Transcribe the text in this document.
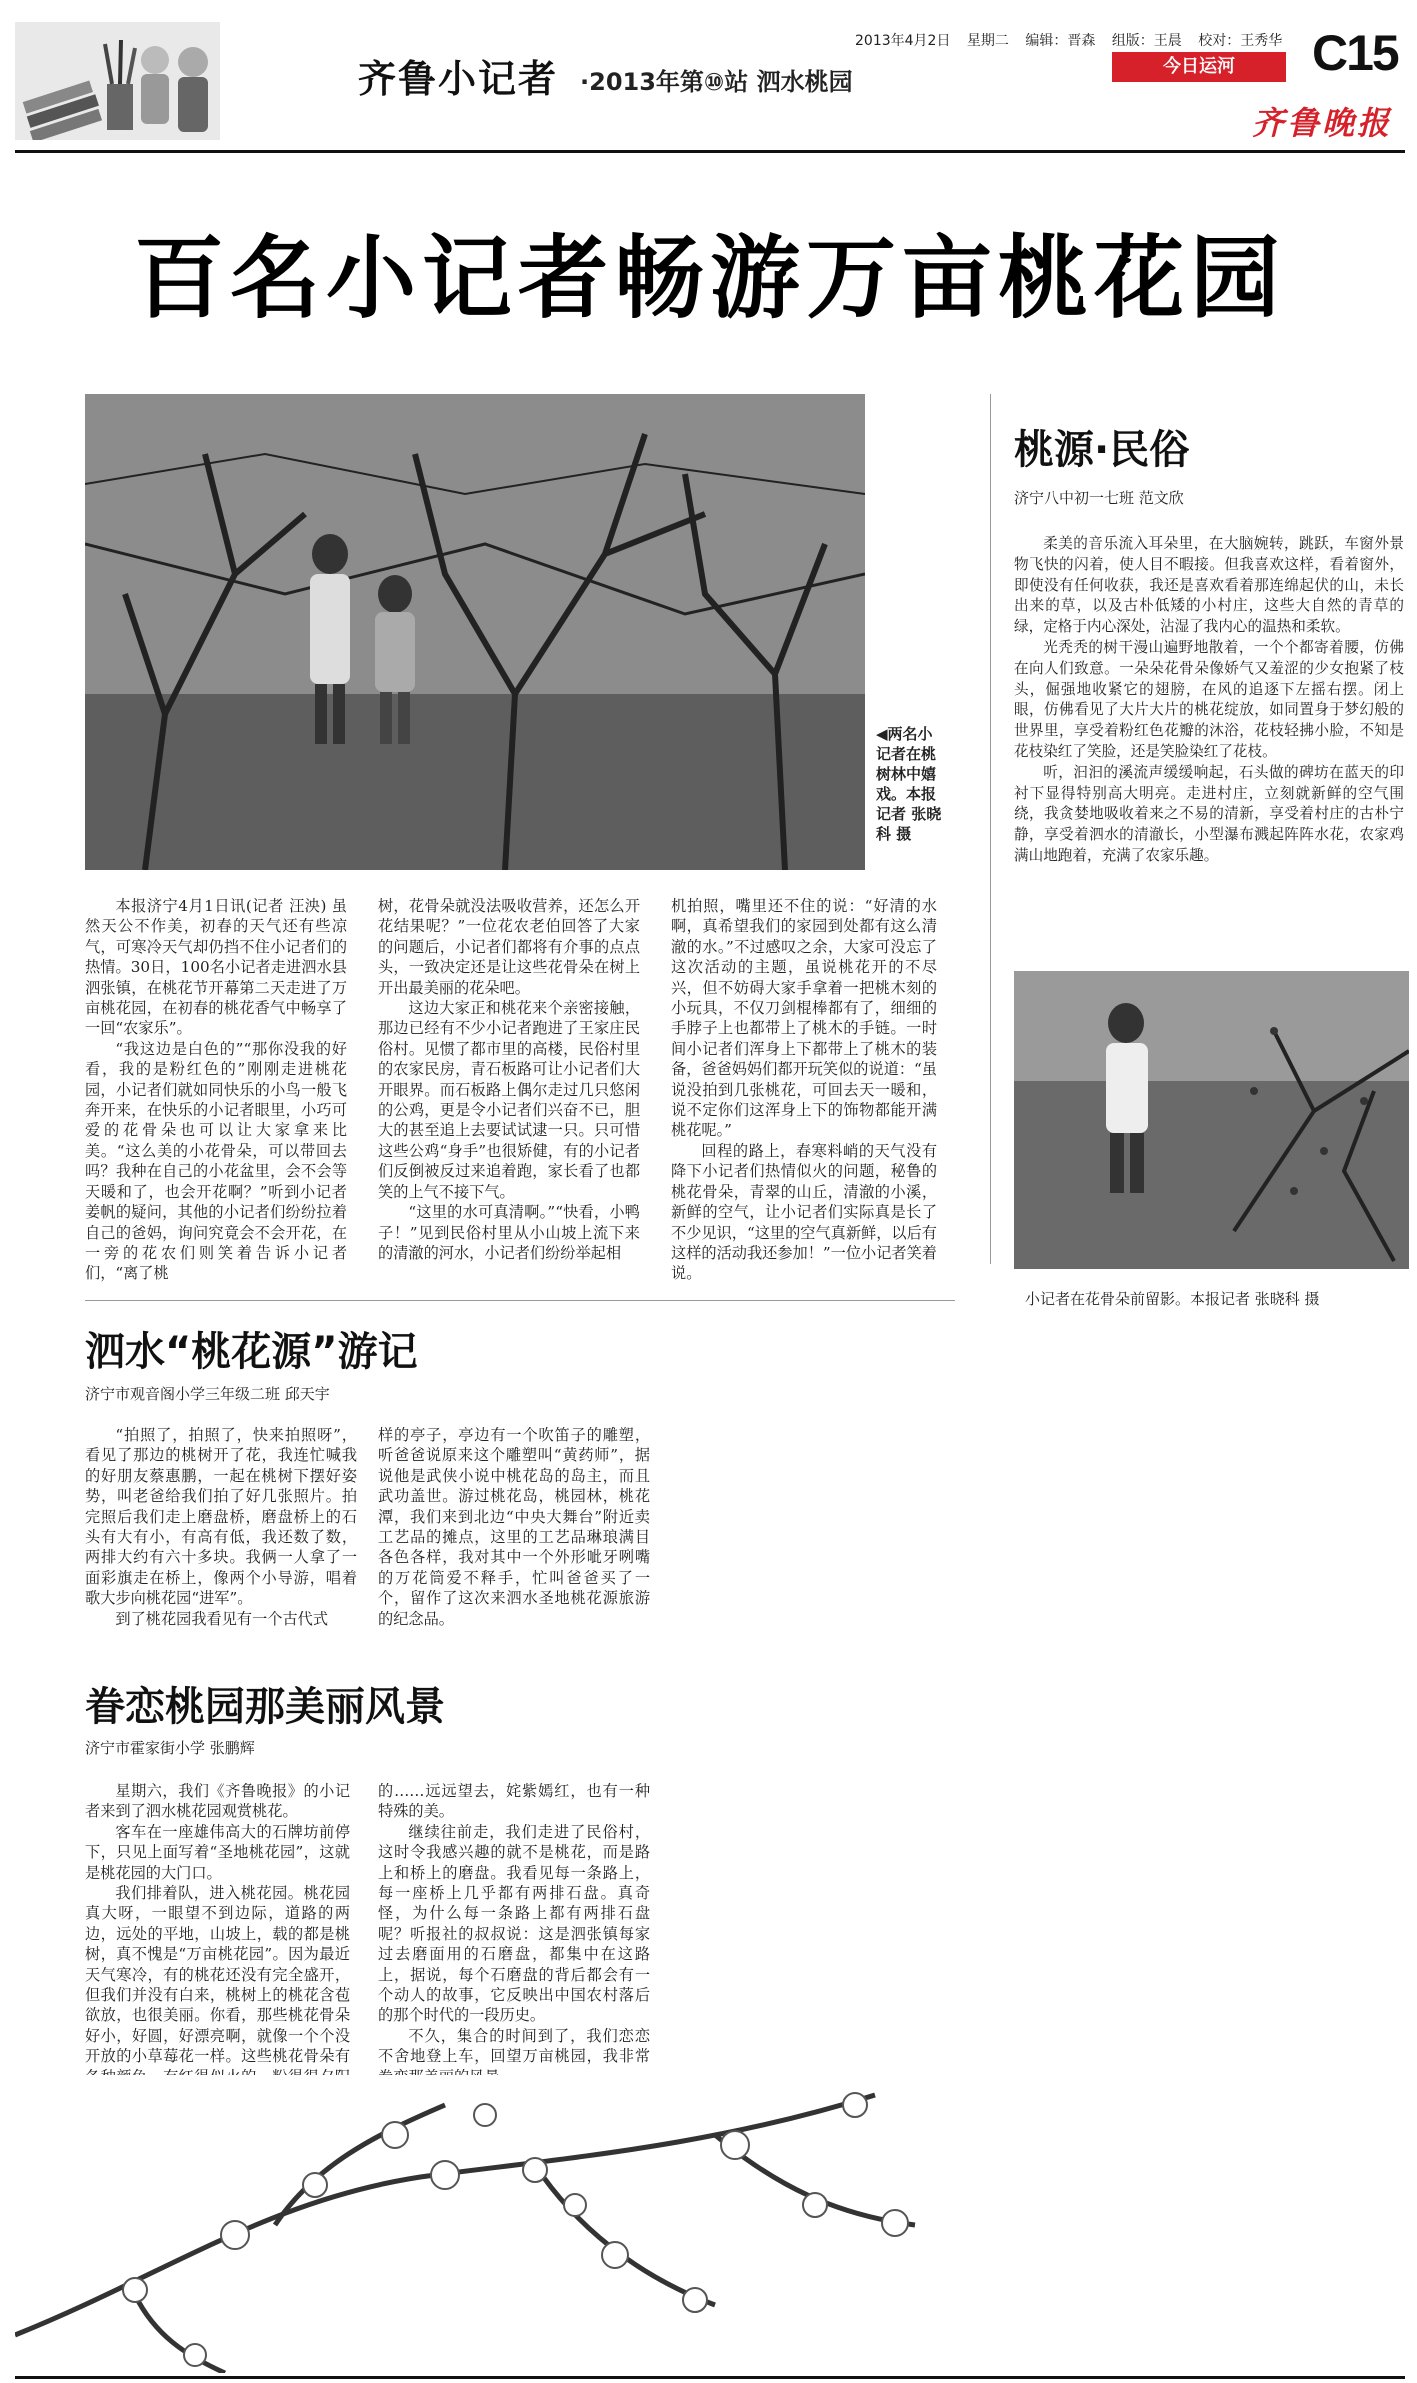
齐鲁小记者 ·2013年第⑩站 泗水桃园
2013年4月2日 星期二 编辑：晋森 组版：王晨 校对：王秀华
今日运河	C15
齐鲁晚报
百名小记者畅游万亩桃花园
◀两名小记者在桃树林中嬉戏。本报记者 张晓科 摄

本报济宁4月1日讯(记者 汪泱) 虽然天公不作美，初春的天气还有些凉气，可寒冷天气却仍挡不住小记者们的热情。30日，100名小记者走进泗水县泗张镇，在桃花节开幕第二天走进了万亩桃花园，在初春的桃花香气中畅享了一回“农家乐”。

“我这边是白色的”“那你没我的好看，我的是粉红色的”刚刚走进桃花园，小记者们就如同快乐的小鸟一般飞奔开来，在快乐的小记者眼里，小巧可爱的花骨朵也可以让大家拿来比美。“这么美的小花骨朵，可以带回去吗？我种在自己的小花盆里，会不会等天暖和了，也会开花啊？”听到小记者姜帆的疑问，其他的小记者们纷纷拉着自己的爸妈，询问究竟会不会开花，在一旁的花农们则笑着告诉小记者们，“离了桃

树，花骨朵就没法吸收营养，还怎么开花结果呢？”一位花农老伯回答了大家的问题后，小记者们都将有介事的点点头，一致决定还是让这些花骨朵在树上开出最美丽的花朵吧。

这边大家正和桃花来个亲密接触，那边已经有不少小记者跑进了王家庄民俗村。见惯了都市里的高楼，民俗村里的农家民房，青石板路可让小记者们大开眼界。而石板路上偶尔走过几只悠闲的公鸡，更是令小记者们兴奋不已，胆大的甚至追上去要试试逮一只。只可惜这些公鸡“身手”也很矫健，有的小记者们反倒被反过来追着跑，家长看了也都笑的上气不接下气。

“这里的水可真清啊。”“快看，小鸭子！”见到民俗村里从小山坡上流下来的清澈的河水，小记者们纷纷举起相

机拍照，嘴里还不住的说：“好清的水啊，真希望我们的家园到处都有这么清澈的水。”不过感叹之余，大家可没忘了这次活动的主题，虽说桃花开的不尽兴，但不妨碍大家手拿着一把桃木刻的小玩具，不仅刀剑棍棒都有了，细细的手脖子上也都带上了桃木的手链。一时间小记者们浑身上下都带上了桃木的装备，爸爸妈妈们都开玩笑似的说道：“虽说没拍到几张桃花，可回去天一暖和，说不定你们这浑身上下的饰物都能开满桃花呢。”

回程的路上，春寒料峭的天气没有降下小记者们热情似火的问题，秘鲁的桃花骨朵，青翠的山丘，清澈的小溪，新鲜的空气，让小记者们实际真是长了不少见识，“这里的空气真新鲜，以后有这样的活动我还参加！”一位小记者笑着说。

桃源·民俗
济宁八中初一七班 范文欣

柔美的音乐流入耳朵里，在大脑婉转，跳跃，车窗外景物飞快的闪着，使人目不暇接。但我喜欢这样，看着窗外，即使没有任何收获，我还是喜欢看着那连绵起伏的山，未长出来的草，以及古朴低矮的小村庄，这些大自然的青草的绿，定格于内心深处，沾湿了我内心的温热和柔软。

光秃秃的树干漫山遍野地散着，一个个都寄着腰，仿佛在向人们致意。一朵朵花骨朵像娇气又羞涩的少女抱紧了枝头，倔强地收紧它的翅膀，在风的追逐下左摇右摆。闭上眼，仿佛看见了大片大片的桃花绽放，如同置身于梦幻般的世界里，享受着粉红色花瓣的沐浴，花枝轻拂小脸，不知是花枝染红了笑脸，还是笑脸染红了花枝。

听，汩汩的溪流声缓缓响起，石头做的碑坊在蓝天的印衬下显得特别高大明亮。走进村庄，立刻就新鲜的空气围绕，我贪婪地吸收着来之不易的清新，享受着村庄的古朴宁静，享受着泗水的清澈长，小型瀑布溅起阵阵水花，农家鸡满山地跑着，充满了农家乐趣。

小记者在花骨朵前留影。本报记者 张晓科 摄
泗水“桃花源”游记
济宁市观音阁小学三年级二班 邱天宇

“拍照了，拍照了，快来拍照呀”，看见了那边的桃树开了花，我连忙喊我的好朋友蔡惠鹏，一起在桃树下摆好姿势，叫老爸给我们拍了好几张照片。拍完照后我们走上磨盘桥，磨盘桥上的石头有大有小，有高有低，我还数了数，两排大约有六十多块。我俩一人拿了一面彩旗走在桥上，像两个小导游，唱着歌大步向桃花园“进军”。

到了桃花园我看见有一个古代式

样的亭子，亭边有一个吹笛子的雕塑，听爸爸说原来这个雕塑叫“黄药师”，据说他是武侠小说中桃花岛的岛主，而且武功盖世。游过桃花岛，桃园林，桃花潭，我们来到北边“中央大舞台”附近卖工艺品的摊点，这里的工艺品琳琅满目各色各样，我对其中一个外形呲牙咧嘴的万花筒爱不释手，忙叫爸爸买了一个，留作了这次来泗水圣地桃花源旅游的纪念品。

眷恋桃园那美丽风景
济宁市霍家街小学 张鹏辉

星期六，我们《齐鲁晚报》的小记者来到了泗水桃花园观赏桃花。

客车在一座雄伟高大的石牌坊前停下，只见上面写着“圣地桃花园”，这就是桃花园的大门口。

我们排着队，进入桃花园。桃花园真大呀，一眼望不到边际，道路的两边，远处的平地，山坡上，载的都是桃树，真不愧是“万亩桃花园”。因为最近天气寒冷，有的桃花还没有完全盛开，但我们并没有白来，桃树上的桃花含苞欲放，也很美丽。你看，那些桃花骨朵好小，好圆，好漂亮啊，就像一个个没开放的小草莓花一样。这些桃花骨朵有各种颜色，有红得似火的，粉得很夕阳的，白得似玉的，黄得似光

的……远远望去，姹紫嫣红，也有一种特殊的美。

继续往前走，我们走进了民俗村，这时令我感兴趣的就不是桃花，而是路上和桥上的磨盘。我看见每一条路上，每一座桥上几乎都有两排石盘。真奇怪，为什么每一条路上都有两排石盘呢？听报社的叔叔说：这是泗张镇每家过去磨面用的石磨盘，都集中在这路上，据说，每个石磨盘的背后都会有一个动人的故事，它反映出中国农村落后的那个时代的一段历史。

不久，集合的时间到了，我们恋恋不舍地登上车，回望万亩桃园，我非常眷恋那美丽的风景。
